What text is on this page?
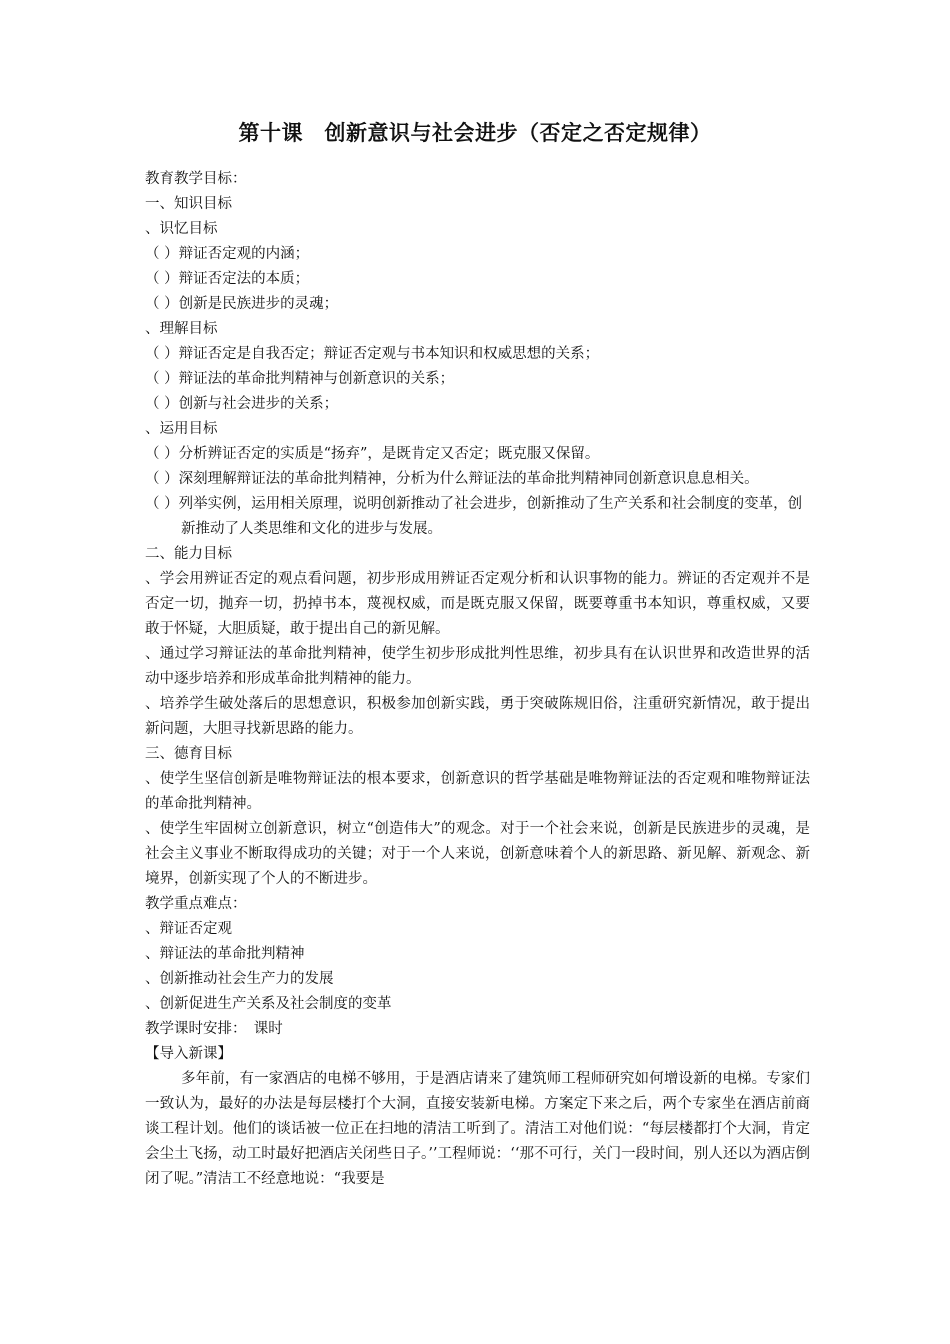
第十课　创新意识与社会进步（否定之否定规律）

教育教学目标：

一、知识目标

、识忆目标

（ ）辩证否定观的内涵；

（ ）辩证否定法的本质；

（ ）创新是民族进步的灵魂；

、理解目标

（ ）辩证否定是自我否定；辩证否定观与书本知识和权威思想的关系；

（ ）辩证法的革命批判精神与创新意识的关系；

（ ）创新与社会进步的关系；

、运用目标

（ ）分析辨证否定的实质是“扬弃”，是既肯定又否定；既克服又保留。

（ ）深刻理解辩证法的革命批判精神，分析为什么辩证法的革命批判精神同创新意识息息相关。

（ ）列举实例，运用相关原理，说明创新推动了社会进步，创新推动了生产关系和社会制度的变革，创新推动了人类思维和文化的进步与发展。

二、能力目标

、学会用辨证否定的观点看问题，初步形成用辨证否定观分析和认识事物的能力。辨证的否定观并不是否定一切，抛弃一切，扔掉书本，蔑视权威，而是既克服又保留，既要尊重书本知识，尊重权威，又要敢于怀疑，大胆质疑，敢于提出自己的新见解。

、通过学习辩证法的革命批判精神，使学生初步形成批判性思维，初步具有在认识世界和改造世界的活动中逐步培养和形成革命批判精神的能力。

、培养学生破处落后的思想意识，积极参加创新实践，勇于突破陈规旧俗，注重研究新情况，敢于提出新问题，大胆寻找新思路的能力。

三、德育目标

、使学生坚信创新是唯物辩证法的根本要求，创新意识的哲学基础是唯物辩证法的否定观和唯物辩证法的革命批判精神。

、使学生牢固树立创新意识，树立“创造伟大”的观念。对于一个社会来说，创新是民族进步的灵魂，是社会主义事业不断取得成功的关键；对于一个人来说，创新意味着个人的新思路、新见解、新观念、新境界，创新实现了个人的不断进步。

教学重点难点：

、辩证否定观

、辩证法的革命批判精神

、创新推动社会生产力的发展

、创新促进生产关系及社会制度的变革

教学课时安排：　课时

【导入新课】

多年前，有一家酒店的电梯不够用，于是酒店请来了建筑师工程师研究如何增设新的电梯。专家们一致认为，最好的办法是每层楼打个大洞，直接安装新电梯。方案定下来之后，两个专家坐在酒店前商谈工程计划。他们的谈话被一位正在扫地的清洁工听到了。清洁工对他们说：“每层楼都打个大洞，肯定会尘土飞扬，动工时最好把酒店关闭些日子。’’工程师说：‘‘那不可行，关门一段时间，别人还以为酒店倒闭了呢。”清洁工不经意地说：“我要是
